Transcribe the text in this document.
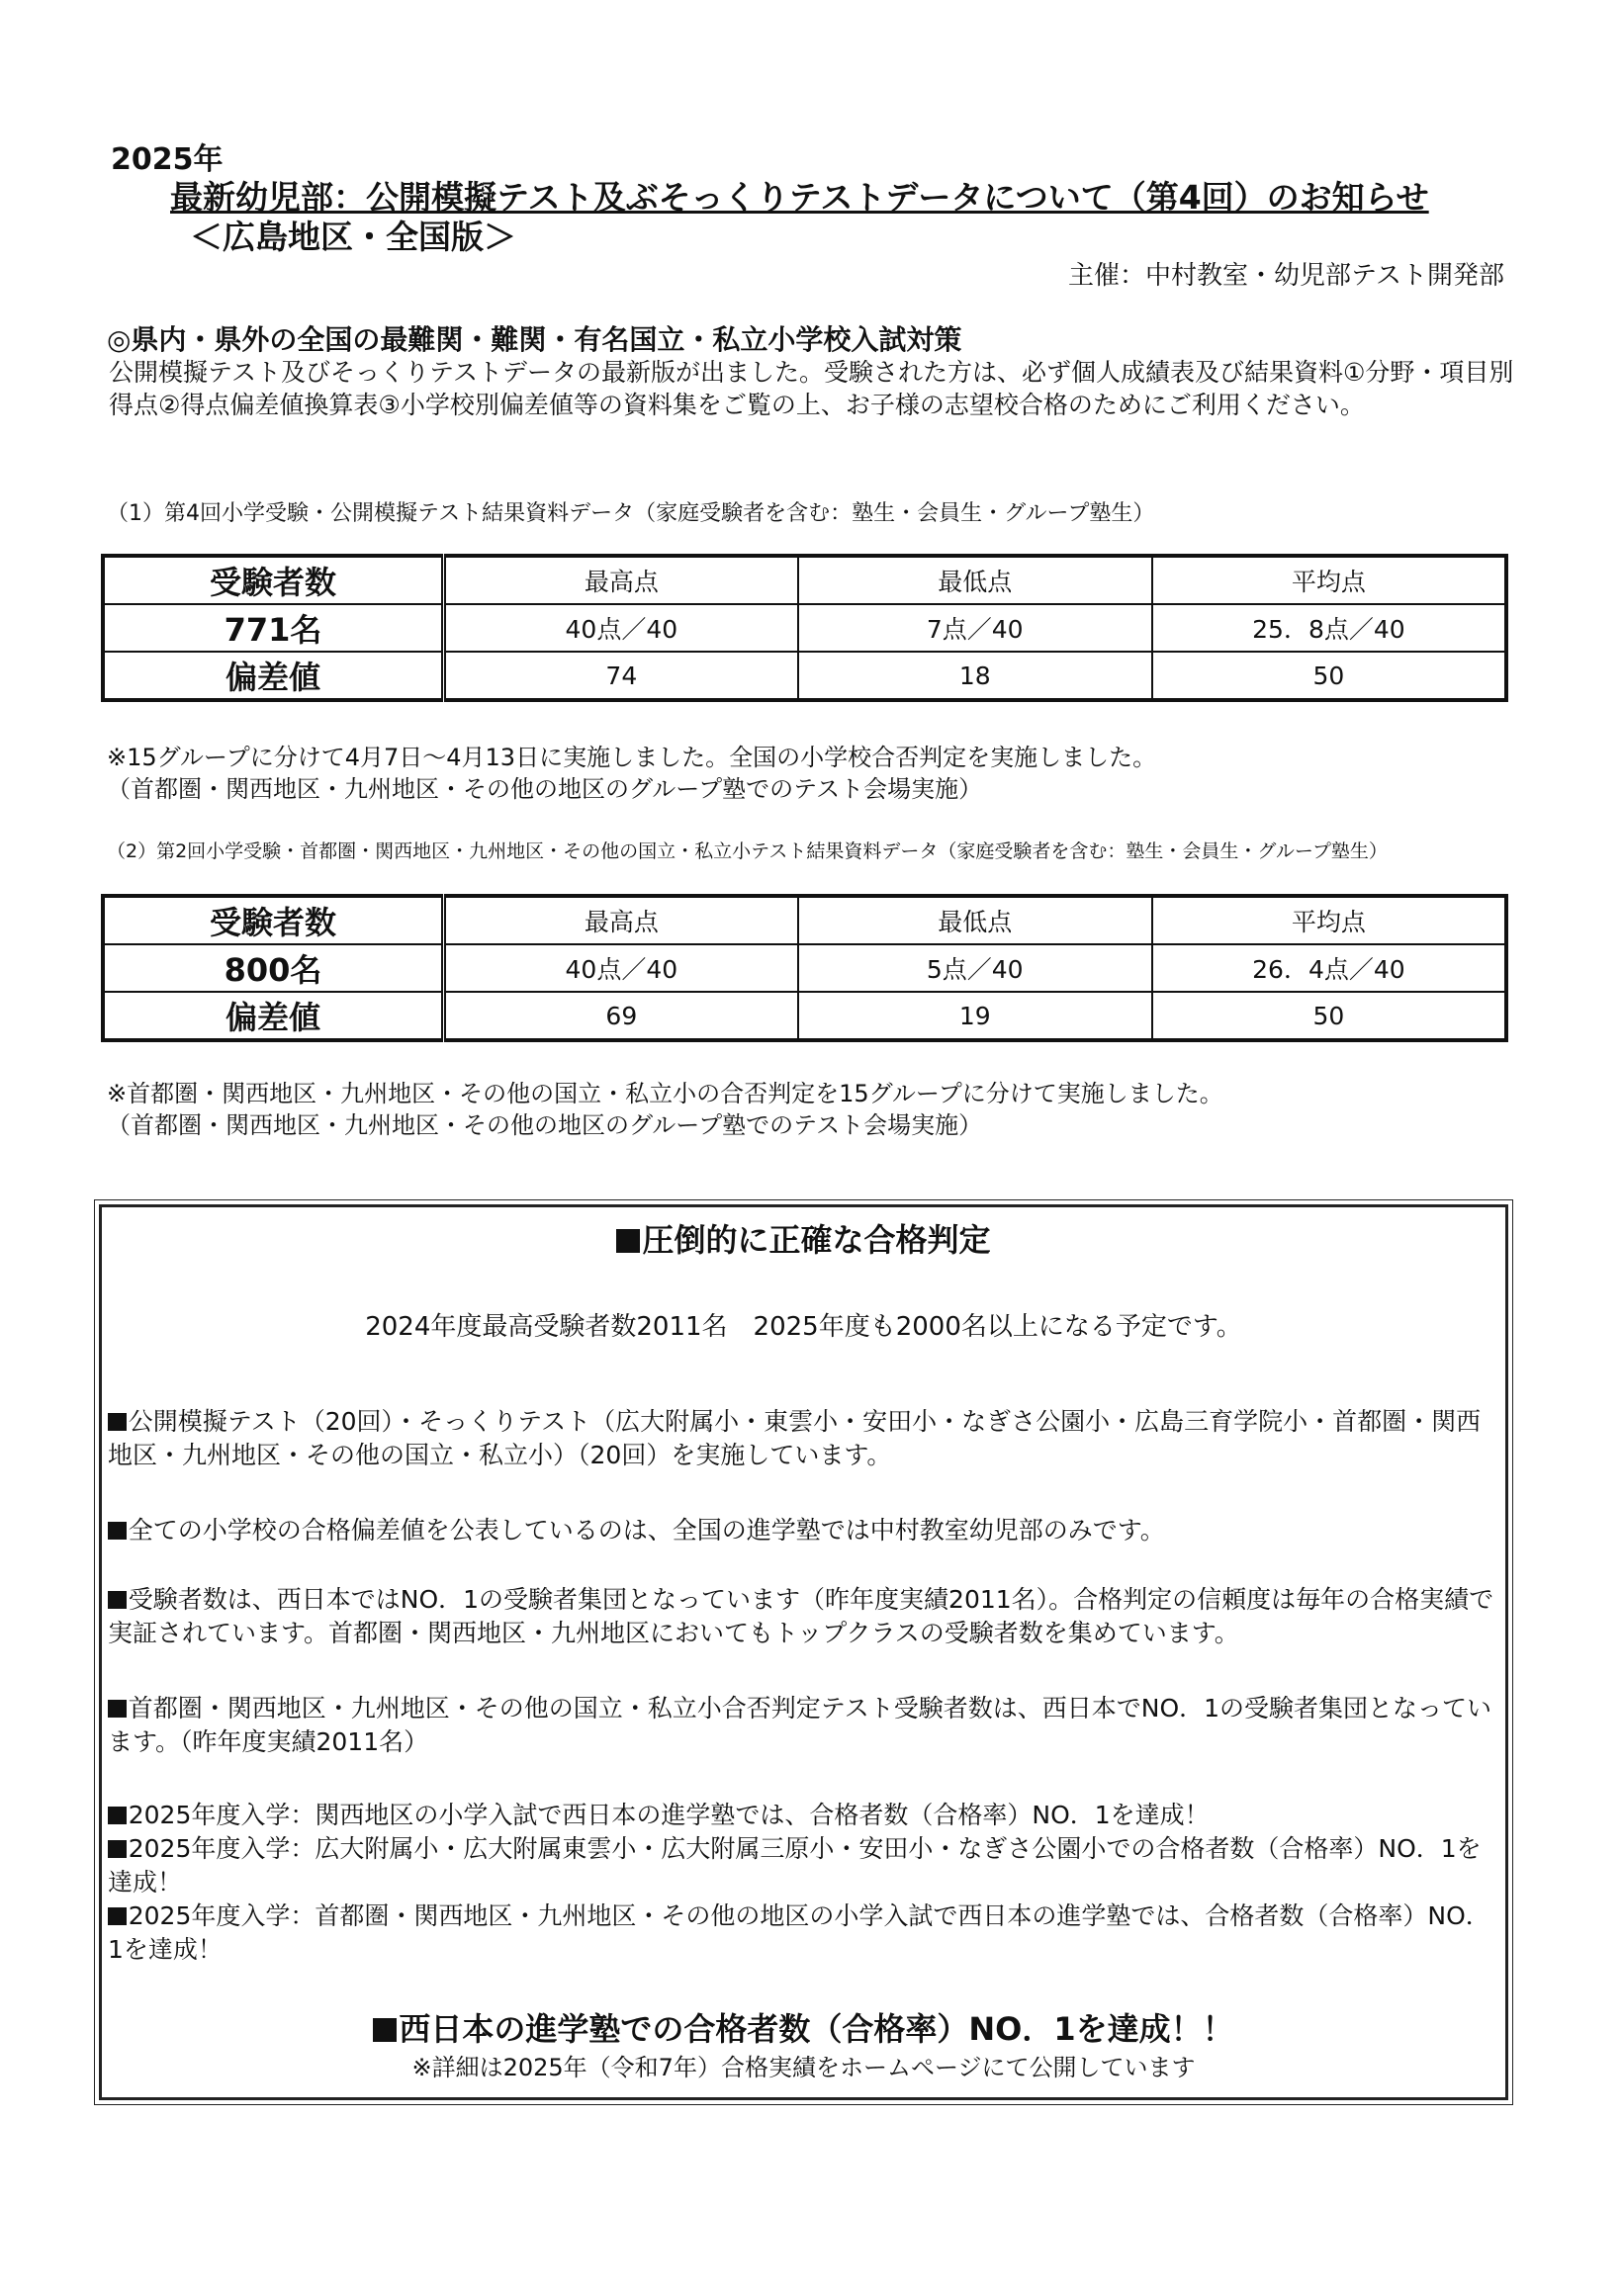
2025年
最新幼児部：公開模擬テスト及ぶそっくりテストデータについて（第4回）のお知らせ
＜広島地区・全国版＞
主催：中村教室・幼児部テスト開発部
◎県内・県外の全国の最難関・難関・有名国立・私立小学校入試対策
公開模擬テスト及びそっくりテストデータの最新版が出ました。受験された方は、必ず個人成績表及び結果資料①分野・項目別得点②得点偏差値換算表③小学校別偏差値等の資料集をご覧の上、お子様の志望校合格のためにご利用ください。
（1）第4回小学受験・公開模擬テスト結果資料データ（家庭受験者を含む：塾生・会員生・グループ塾生）
受験者数	最高点	最低点	平均点
771名	40点／40	7点／40	25．8点／40
偏差値	74	18	50
※15グループに分けて4月7日～4月13日に実施しました。全国の小学校合否判定を実施しました。
（首都圏・関西地区・九州地区・その他の地区のグループ塾でのテスト会場実施）
（2）第2回小学受験・首都圏・関西地区・九州地区・その他の国立・私立小テスト結果資料データ（家庭受験者を含む：塾生・会員生・グループ塾生）
受験者数	最高点	最低点	平均点
800名	40点／40	5点／40	26．4点／40
偏差値	69	19	50
※首都圏・関西地区・九州地区・その他の国立・私立小の合否判定を15グループに分けて実施しました。
（首都圏・関西地区・九州地区・その他の地区のグループ塾でのテスト会場実施）
圧倒的に正確な合格判定
2024年度最高受験者数2011名　2025年度も2000名以上になる予定です。
公開模擬テスト（20回）・そっくりテスト（広大附属小・東雲小・安田小・なぎさ公園小・広島三育学院小・首都圏・関西地区・九州地区・その他の国立・私立小）（20回）を実施しています。
全ての小学校の合格偏差値を公表しているのは、全国の進学塾では中村教室幼児部のみです。
受験者数は、西日本ではNO．1の受験者集団となっています（昨年度実績2011名）。合格判定の信頼度は毎年の合格実績で実証されています。首都圏・関西地区・九州地区においてもトップクラスの受験者数を集めています。
首都圏・関西地区・九州地区・その他の国立・私立小合否判定テスト受験者数は、西日本でNO．1の受験者集団となっています。（昨年度実績2011名）
2025年度入学：関西地区の小学入試で西日本の進学塾では、合格者数（合格率）NO．1を達成！
2025年度入学：広大附属小・広大附属東雲小・広大附属三原小・安田小・なぎさ公園小での合格者数（合格率）NO．1を達成！
2025年度入学：首都圏・関西地区・九州地区・その他の地区の小学入試で西日本の進学塾では、合格者数（合格率）NO．1を達成！
西日本の進学塾での合格者数（合格率）NO．1を達成！！
※詳細は2025年（令和7年）合格実績をホームページにて公開しています
